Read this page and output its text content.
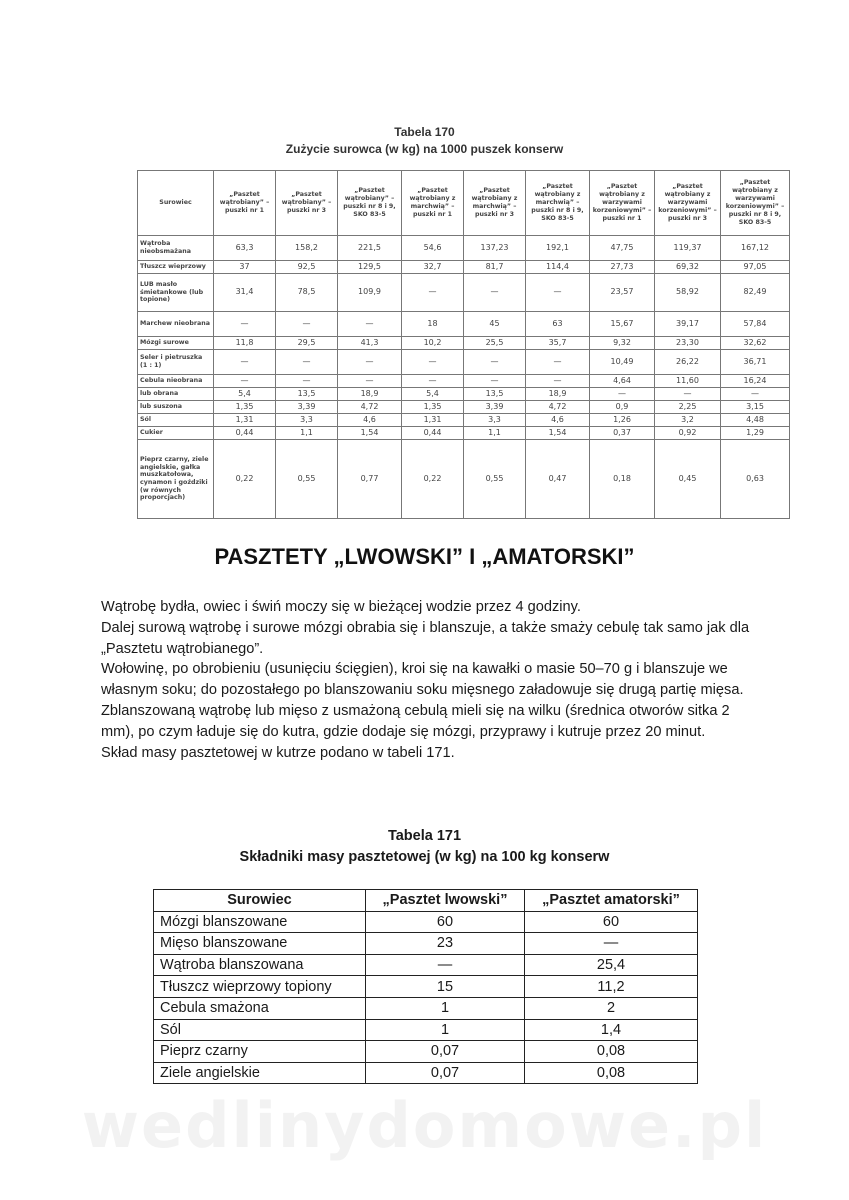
Tabela 170
Zużycie surowca (w kg) na 1000 puszek konserw
Surowiec	„Pasztet wątrobiany” – puszki nr 1	„Pasztet wątrobiany” – puszki nr 3	„Pasztet wątrobiany” – puszki nr 8 i 9, SKO 83-5	„Pasztet wątrobiany z marchwią” – puszki nr 1	„Pasztet wątrobiany z marchwią” – puszki nr 3	„Pasztet wątrobiany z marchwią” – puszki nr 8 i 9, SKO 83-5	„Pasztet wątrobiany z warzywami korzeniowymi” – puszki nr 1	„Pasztet wątrobiany z warzywami korzeniowymi” – puszki nr 3	„Pasztet wątrobiany z warzywami korzeniowymi” – puszki nr 8 i 9, SKO 83-5
Wątroba nieobsmażana	63,3	158,2	221,5	54,6	137,23	192,1	47,75	119,37	167,12
Tłuszcz wieprzowy	37	92,5	129,5	32,7	81,7	114,4	27,73	69,32	97,05
LUB masło śmietankowe (lub topione)	31,4	78,5	109,9	—	—	—	23,57	58,92	82,49
Marchew nieobrana	—	—	—	18	45	63	15,67	39,17	57,84
Mózgi surowe	11,8	29,5	41,3	10,2	25,5	35,7	9,32	23,30	32,62
Seler i pietruszka (1 : 1)	—	—	—	—	—	—	10,49	26,22	36,71
Cebula nieobrana	—	—	—	—	—	—	4,64	11,60	16,24
lub obrana	5,4	13,5	18,9	5,4	13,5	18,9	—	—	—
lub suszona	1,35	3,39	4,72	1,35	3,39	4,72	0,9	2,25	3,15
Sól	1,31	3,3	4,6	1,31	3,3	4,6	1,26	3,2	4,48
Cukier	0,44	1,1	1,54	0,44	1,1	1,54	0,37	0,92	1,29
Pieprz czarny, ziele angielskie, gałka muszkatołowa, cynamon i goździki (w równych proporcjach)	0,22	0,55	0,77	0,22	0,55	0,47	0,18	0,45	0,63
PASZTETY „LWOWSKI” I „AMATORSKI”

Wątrobę bydła, owiec i świń moczy się w bieżącej wodzie przez 4 godziny.

Dalej surową wątrobę i surowe mózgi obrabia się i blanszuje, a także smaży cebulę tak samo jak dla „Pasztetu wątrobianego”.

Wołowinę, po obrobieniu (usunięciu ścięgien), kroi się na kawałki o masie 50–70 g i blanszuje we własnym soku; do pozostałego po blanszowaniu soku mięsnego załadowuje się drugą partię mięsa.

Zblanszowaną wątrobę lub mięso z usmażoną cebulą mieli się na wilku (średnica otworów sitka 2 mm), po czym ładuje się do kutra, gdzie dodaje się mózgi, przyprawy i kutruje przez 20 minut.

Skład masy pasztetowej w kutrze podano w tabeli 171.

Tabela 171
Składniki masy pasztetowej (w kg) na 100 kg konserw
Surowiec	„Pasztet lwowski”	„Pasztet amatorski”
Mózgi blanszowane	60	60
Mięso blanszowane	23	—
Wątroba blanszowana	—	25,4
Tłuszcz wieprzowy topiony	15	11,2
Cebula smażona	1	2
Sól	1	1,4
Pieprz czarny	0,07	0,08
Ziele angielskie	0,07	0,08
wedlinydomowe.pl
